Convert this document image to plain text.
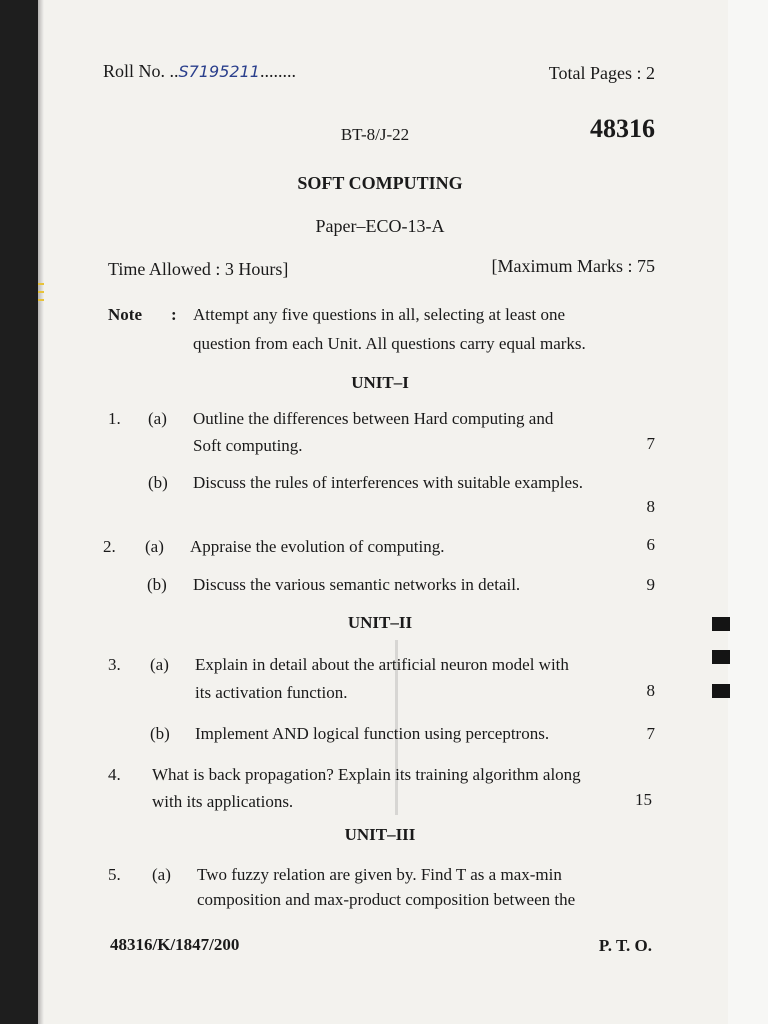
Roll No. ..S7195211........	Total Pages : 2
BT-8/J-22	48316
SOFT COMPUTING
Paper–ECO-13-A
Time Allowed : 3 Hours]	[Maximum Marks : 75
Note : Attempt any five questions in all, selecting at least one
question from each Unit. All questions carry equal marks.
UNIT–I
1. (a) Outline the differences between Hard computing and
Soft computing.	7
(b) Discuss the rules of interferences with suitable examples.
8
2. (a) Appraise the evolution of computing.	6
(b) Discuss the various semantic networks in detail.	9
UNIT–II
3. (a) Explain in detail about the artificial neuron model with
its activation function.	8
(b) Implement AND logical function using perceptrons.	7
4. What is back propagation? Explain its training algorithm along
with its applications.	15
UNIT–III
5. (a) Two fuzzy relation are given by. Find T as a max-min
composition and max-product composition between the
48316/K/1847/200	P. T. O.
